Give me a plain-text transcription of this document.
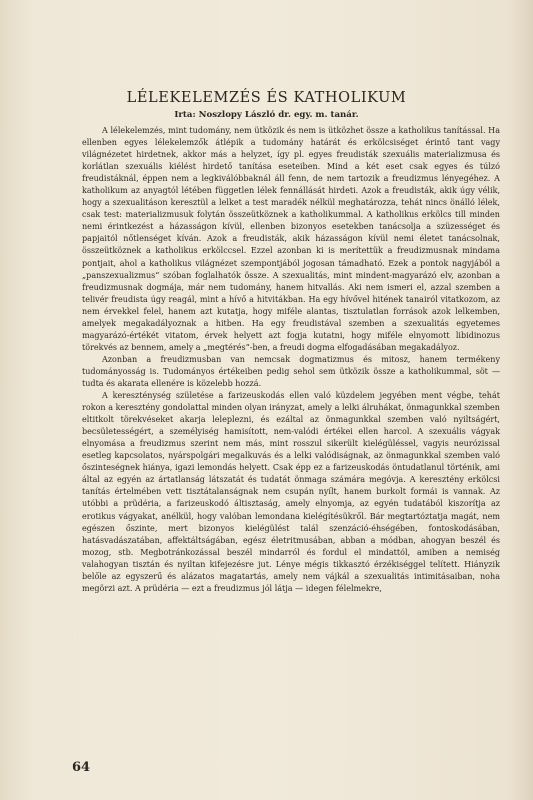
LÉLEKELEMZÉS ÉS KATHOLIKUM
Irta: Noszlopy László dr. egy. m. tanár.

A lélekelemzés, mint tudomány, nem ütközik és nem is ütközhet össze a katholikus tanítással. Ha ellenben egyes lélekelemzők átlépik a tudomány határát és erkölcsiséget érintő tant vagy világnézetet hirdetnek, akkor más a helyzet, így pl. egyes freudisták szexuális materializmusa és korlátlan szexuális kiélést hirdető tanítása eseteiben. Mind a két eset csak egyes és túlzó freudistáknál, éppen nem a legkiválóbbaknál áll fenn, de nem tartozik a freudizmus lényegéhez. A katholikum az anyagtól létében független lélek fennállását hirdeti. Azok a freudisták, akik úgy vélik, hogy a szexualitáson keresztül a lelket a test maradék nélkül meghatározza, tehát nincs önálló lélek, csak test: materializmusuk folytán összeütköznek a katholikummal. A katholikus erkölcs till minden nemi érintkezést a házasságon kívül, ellenben bizonyos esetekben tanácsolja a szüzességet és papjaitól nőtlenséget kíván. Azok a freudisták, akik házasságon kívül nemi életet tanácsolnak, összeütköznek a katholikus erkölccsel. Ezzel azonban ki is merítettük a freudizmusnak mindama pontjait, ahol a katholikus világnézet szempontjából jogosan támadható. Ezek a pontok nagyjából a „panszexualizmus“ szóban foglalhatók össze. A szexualitás, mint mindent-magyarázó elv, azonban a freudizmusnak dogmája, már nem tudomány, hanem hitvallás. Aki nem ismeri el, azzal szemben a telivér freudista úgy reagál, mint a hívő a hitvitákban. Ha egy hívővel hitének tanairól vitatkozom, az nem érvekkel felel, hanem azt kutatja, hogy miféle alantas, tisztulatlan források azok lelkemben, amelyek megakadályoznak a hitben. Ha egy freudistával szemben a szexualitás egyetemes magyarázó-értékét vitatom, érvek helyett azt fogja kutatni, hogy miféle elnyomott libidinozus törekvés az bennem, amely a „megtérés“-ben, a freudi dogma elfogadásában megakadályoz.

Azonban a freudizmusban van nemcsak dogmatizmus és mitosz, hanem termékeny tudományosság is. Tudományos értékeiben pedig sehol sem ütközik össze a katholikummal, söt — tudta és akarata ellenére is közelebb hozzá.

A kereszténység születése a farizeuskodás ellen való küzdelem jegyében ment végbe, tehát rokon a keresztény gondolattal minden olyan irányzat, amely a lelki álruhákat, önmagunkkal szemben eltitkolt törekvéseket akarja leleplezni, és ezáltal az önmagunkkal szemben való nyiltságért, becsületességért, a személyiség hamisított, nem-valódi értékei ellen harcol. A szexuális vágyak elnyomása a freudizmus szerint nem más, mint rosszul sikerült kielégüléssel, vagyis neurózissal esetleg kapcsolatos, nyárspolgári megalkuvás és a lelki valódiságnak, az önmagunkkal szemben való őszinteségnek hiánya, igazi lemondás helyett. Csak épp ez a farizeuskodás öntudatlanul történik, ami által az egyén az ártatlanság látszatát és tudatát önmaga számára megóvja. A keresztény erkölcsi tanítás értelmében vett tisztátalanságnak nem csupán nyílt, hanem burkolt formái is vannak. Az utóbbi a prüdéria, a farizeuskodó áltisztaság, amely elnyomja, az egyén tudatából kiszorítja az erotikus vágyakat, anélkül, hogy valóban lemondana kielégítésükről. Bár megtartóztatja magát, nem egészen őszinte, mert bizonyos kielégülést talál szenzáció-éhségében, fontoskodásában, hatásvadászatában, affektáltságában, egész életritmusában, abban a módban, ahogyan beszél és mozog, stb. Megbotránkozással beszél mindarról és fordul el mindattól, amiben a nemiség valahogyan tisztán és nyiltan kifejezésre jut. Lénye mégis tikkasztó érzékiséggel telített. Hiányzik belőle az egyszerű és alázatos magatartás, amely nem vájkál a szexualitás intimitásaiban, noha megörzi azt. A prüdéria — ezt a freudizmus jól látja — idegen félelmekre,

64
